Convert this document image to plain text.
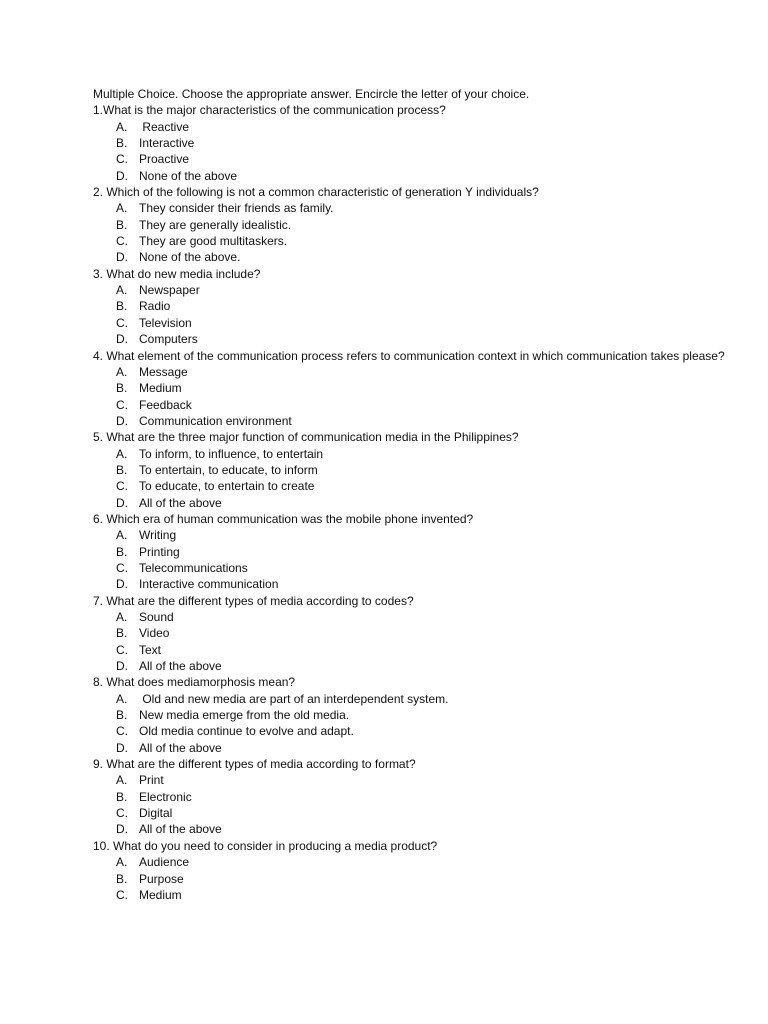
Multiple Choice. Choose the appropriate answer. Encircle the letter of your choice.
1.What is the major characteristics of the communication process?
A. Reactive
B. Interactive
C. Proactive
D. None of the above
2. Which of the following is not a common characteristic of generation Y individuals?
A. They consider their friends as family.
B. They are generally idealistic.
C. They are good multitaskers.
D. None of the above.
3. What do new media include?
A. Newspaper
B. Radio
C. Television
D. Computers
4. What element of the communication process refers to communication context in which communication takes please?
A. Message
B. Medium
C. Feedback
D. Communication environment
5. What are the three major function of communication media in the Philippines?
A. To inform, to influence, to entertain
B. To entertain, to educate, to inform
C. To educate, to entertain to create
D. All of the above
6. Which era of human communication was the mobile phone invented?
A. Writing
B. Printing
C. Telecommunications
D. Interactive communication
7. What are the different types of media according to codes?
A. Sound
B. Video
C. Text
D. All of the above
8. What does mediamorphosis mean?
A. Old and new media are part of an interdependent system.
B. New media emerge from the old media.
C. Old media continue to evolve and adapt.
D. All of the above
9. What are the different types of media according to format?
A. Print
B. Electronic
C. Digital
D. All of the above
10. What do you need to consider in producing a media product?
A. Audience
B. Purpose
C. Medium
